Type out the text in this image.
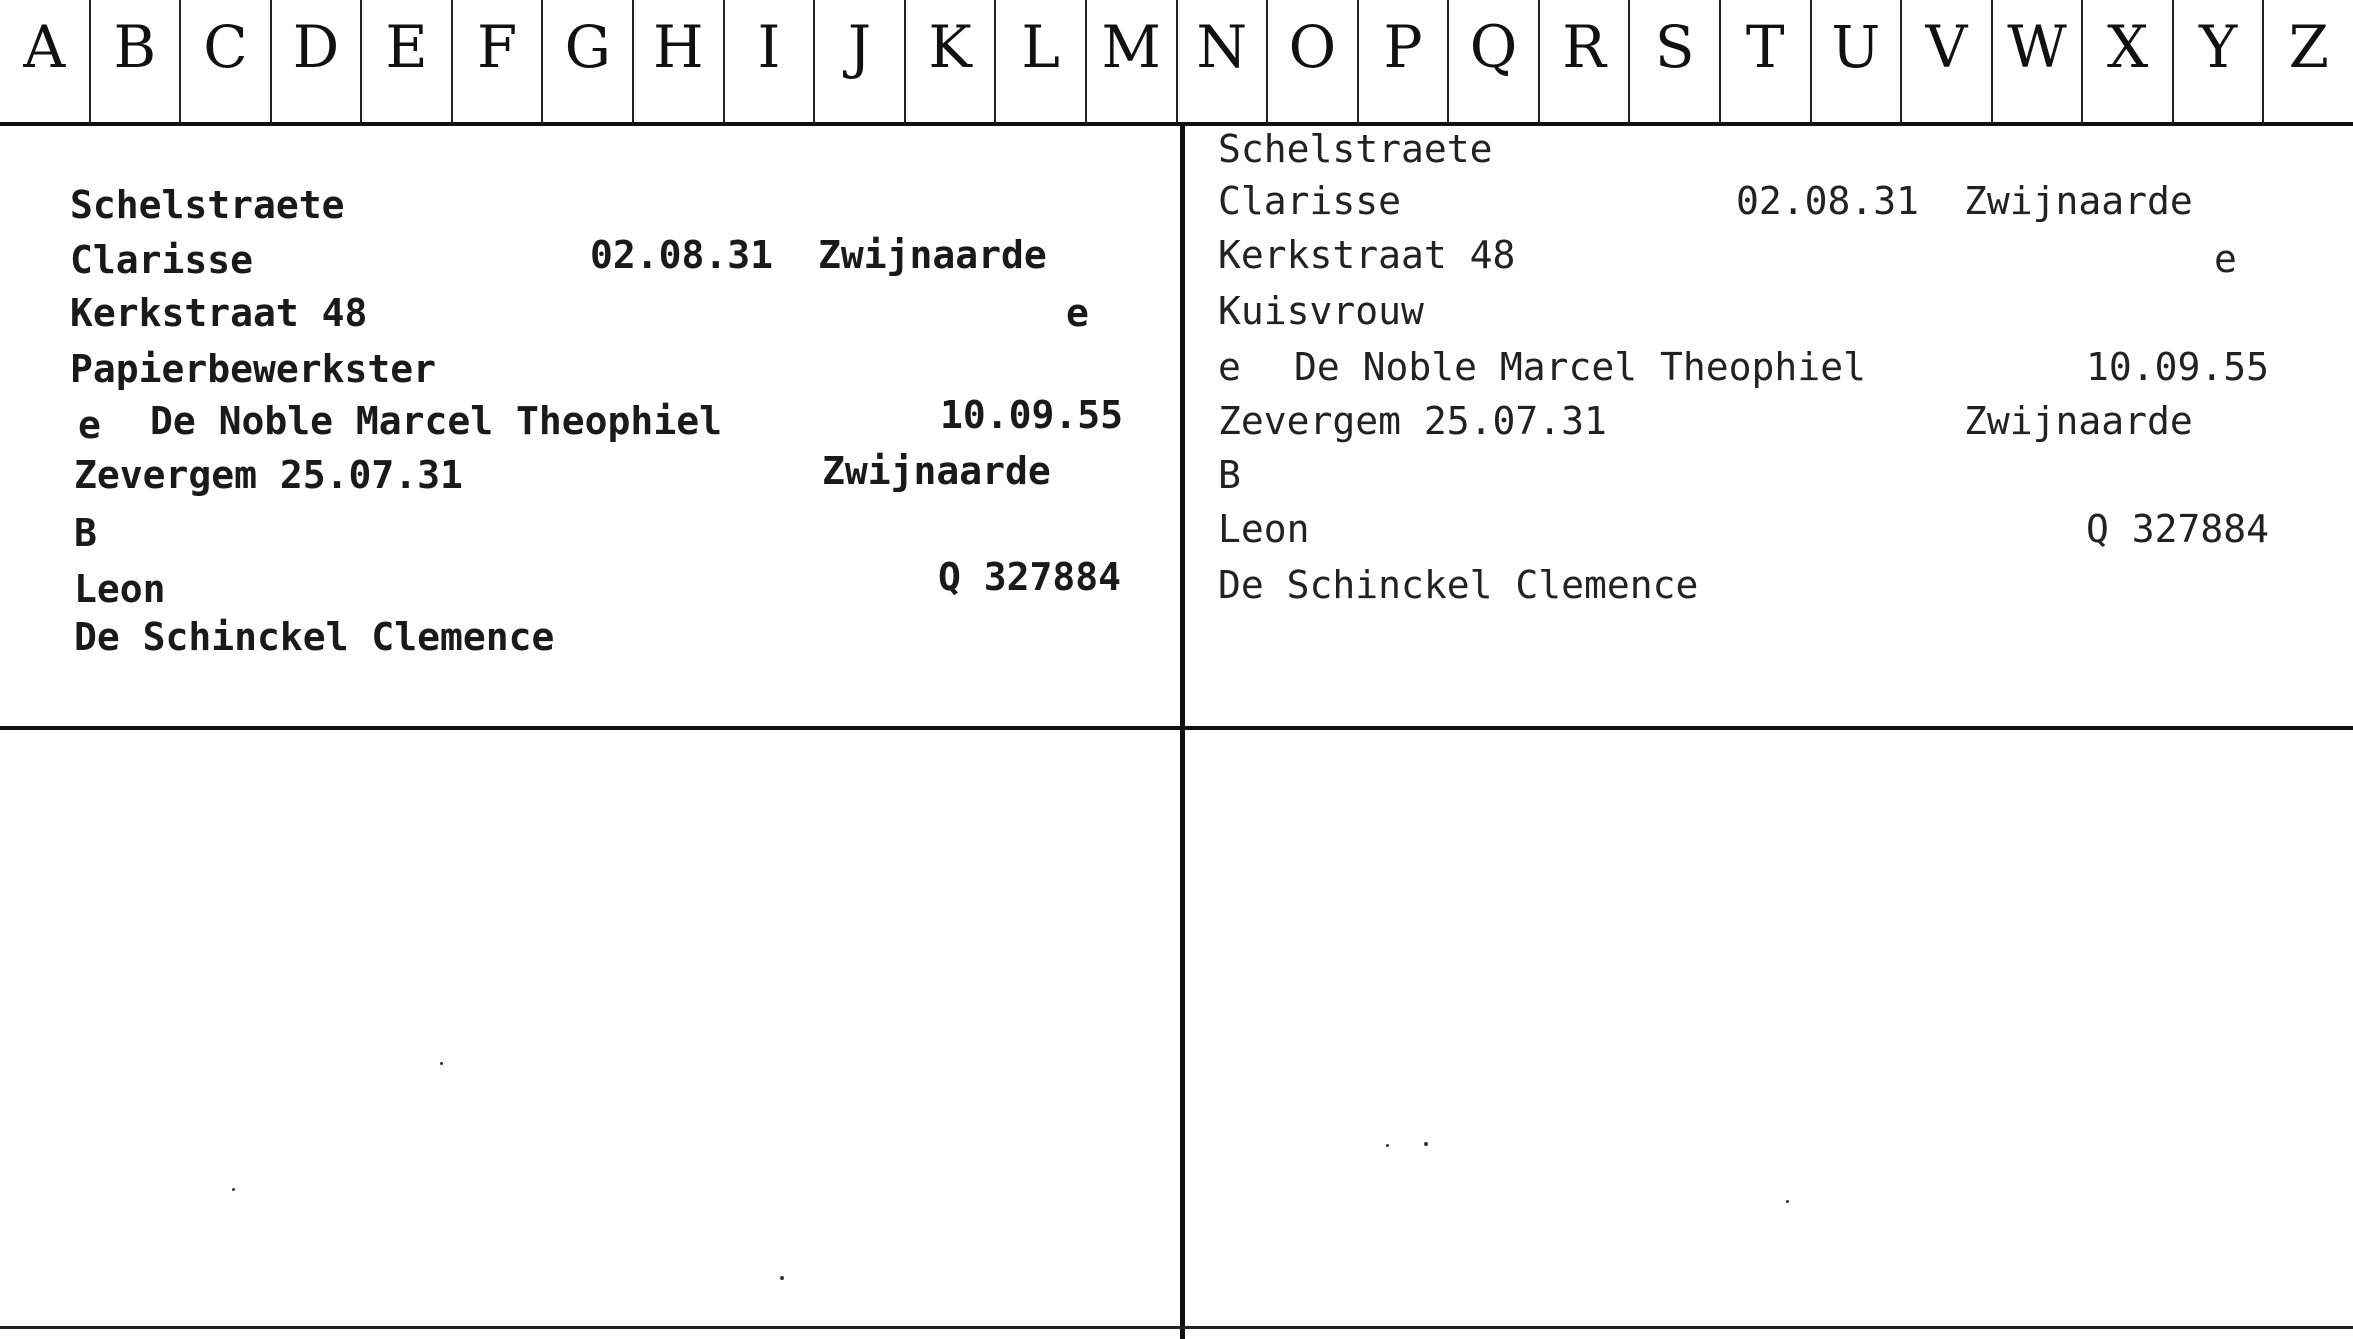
A B C D E F G H I	J K L M N O P Q R S T U V W X Y Z
Schelstraete
Clarisse	02.08.31 Zwijnaarde
Kerkstraat 48	e
Papierbewerkster
e De Noble Marcel Theophiel	10.09.55
Zevergem 25.07.31	Zwijnaarde
B
Leon	Q 327884
De Schinckel Clemence
Schelstraete
Clarisse	02.08.31 Zwijnaarde
Kerkstraat 48	e
Kuisvrouw
e De Noble Marcel Theophiel	10.09.55
Zevergem 25.07.31	Zwijnaarde
B
Leon	Q 327884
De Schinckel Clemence
